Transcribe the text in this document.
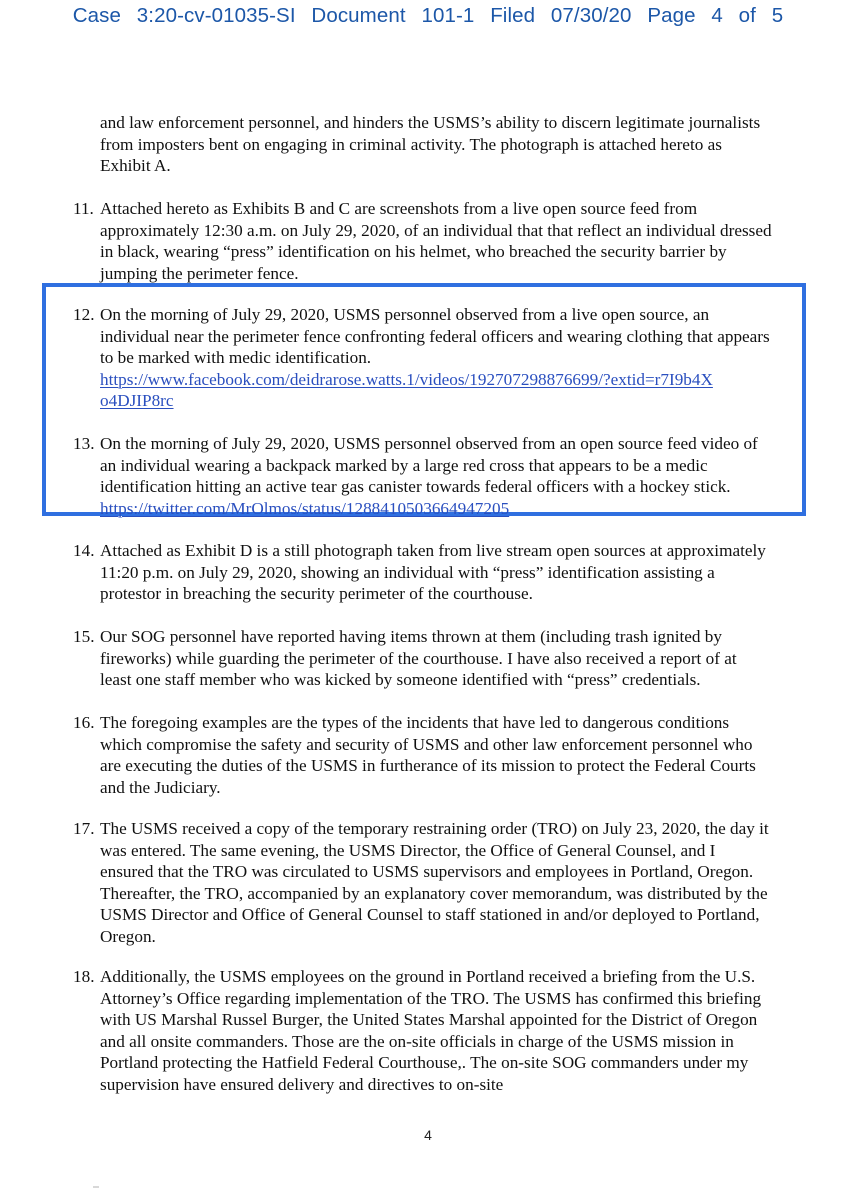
Case 3:20-cv-01035-SI Document 101-1 Filed 07/30/20 Page 4 of 5
and law enforcement personnel, and hinders the USMS’s ability to discern legitimate journalists from imposters bent on engaging in criminal activity. The photograph is attached hereto as Exhibit A.
11. Attached hereto as Exhibits B and C are screenshots from a live open source feed from approximately 12:30 a.m. on July 29, 2020, of an individual that that reflect an individual dressed in black, wearing “press” identification on his helmet, who breached the security barrier by jumping the perimeter fence.
12. On the morning of July 29, 2020, USMS personnel observed from a live open source, an individual near the perimeter fence confronting federal officers and wearing clothing that appears to be marked with medic identification.
https://www.facebook.com/deidrarose.watts.1/videos/192707298876699/?extid=r7I9b4X
o4DJIP8rc
13. On the morning of July 29, 2020, USMS personnel observed from an open source feed video of an individual wearing a backpack marked by a large red cross that appears to be a medic identification hitting an active tear gas canister towards federal officers with a hockey stick. https://twitter.com/MrOlmos/status/1288410503664947205
14. Attached as Exhibit D is a still photograph taken from live stream open sources at approximately 11:20 p.m. on July 29, 2020, showing an individual with “press” identification assisting a protestor in breaching the security perimeter of the courthouse.
15. Our SOG personnel have reported having items thrown at them (including trash ignited by fireworks) while guarding the perimeter of the courthouse. I have also received a report of at least one staff member who was kicked by someone identified with “press” credentials.
16. The foregoing examples are the types of the incidents that have led to dangerous conditions which compromise the safety and security of USMS and other law enforcement personnel who are executing the duties of the USMS in furtherance of its mission to protect the Federal Courts and the Judiciary.
17. The USMS received a copy of the temporary restraining order (TRO) on July 23, 2020, the day it was entered. The same evening, the USMS Director, the Office of General Counsel, and I ensured that the TRO was circulated to USMS supervisors and employees in Portland, Oregon. Thereafter, the TRO, accompanied by an explanatory cover memorandum, was distributed by the USMS Director and Office of General Counsel to staff stationed in and/or deployed to Portland, Oregon.
18. Additionally, the USMS employees on the ground in Portland received a briefing from the U.S. Attorney’s Office regarding implementation of the TRO. The USMS has confirmed this briefing with US Marshal Russel Burger, the United States Marshal appointed for the District of Oregon and all onsite commanders. Those are the on-site officials in charge of the USMS mission in Portland protecting the Hatfield Federal Courthouse,. The on-site SOG commanders under my supervision have ensured delivery and directives to on-site
4
